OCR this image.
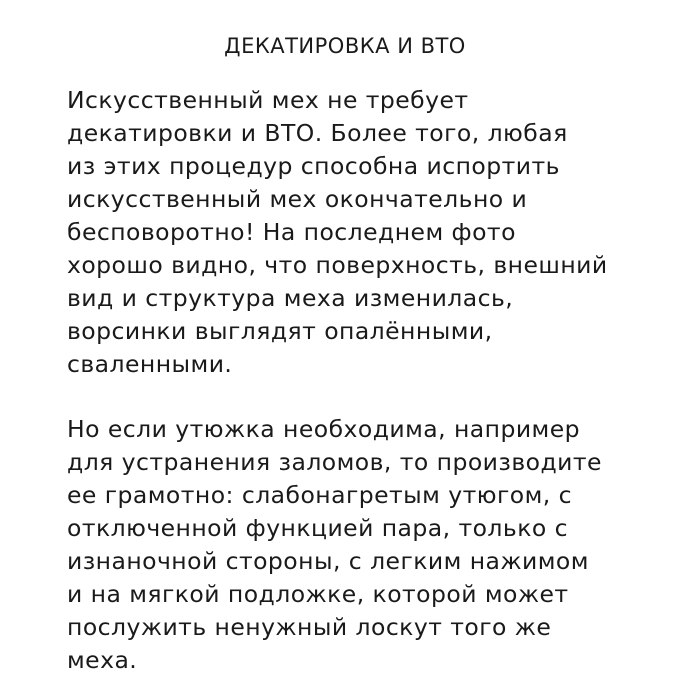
ДЕКАТИРОВКА И ВТО

Искусственный мех не требует
декатировки и ВТО. Более того, любая
из этих процедур способна испортить
искусственный мех окончательно и
бесповоротно! На последнем фото
хорошо видно, что поверхность, внешний
вид и структура меха изменилась,
ворсинки выглядят опалёнными,
сваленными.

Но если утюжка необходима, например
для устранения заломов, то производите
ее грамотно: слабонагретым утюгом, с
отключенной функцией пара, только с
изнаночной стороны, с легким нажимом
и на мягкой подложке, которой может
послужить ненужный лоскут того же
меха.
